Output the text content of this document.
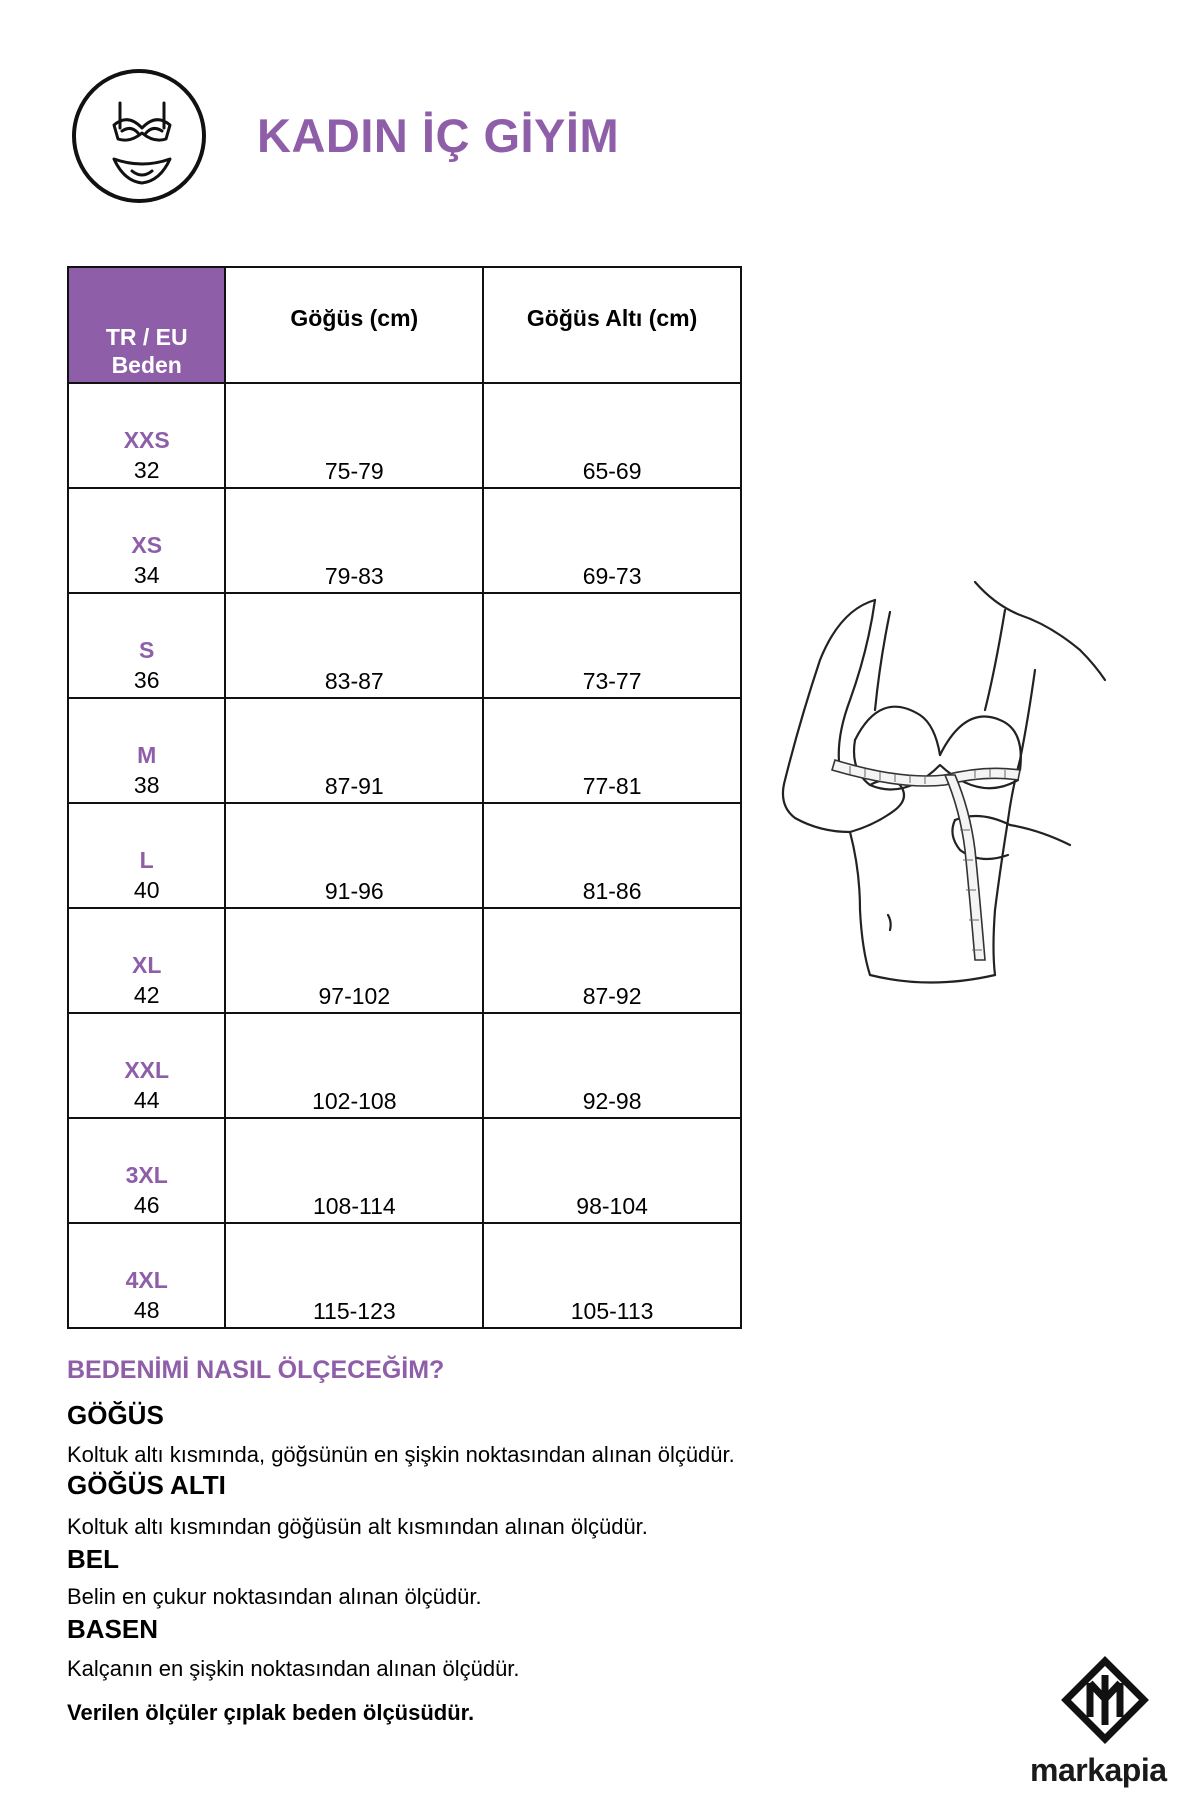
KADIN İÇ GİYİM
TR / EU
Beden	Göğüs (cm)	Göğüs Altı (cm)

XXS
32	75-79	65-69

XS
34	79-83	69-73

S
36	83-87	73-77

M
38	87-91	77-81

L
40	91-96	81-86

XL
42	97-102	87-92

XXL
44	102-108	92-98

3XL
46	108-114	98-104

4XL
48	115-123	105-113
BEDENİMİ NASIL ÖLÇECEĞİM?
GÖĞÜS
Koltuk altı kısmında, göğsünün en şişkin noktasından alınan ölçüdür.
GÖĞÜS ALTI
Koltuk altı kısmından göğüsün alt kısmından alınan ölçüdür.
BEL
Belin en çukur noktasından alınan ölçüdür.
BASEN
Kalçanın en şişkin noktasından alınan ölçüdür.
Verilen ölçüler çıplak beden ölçüsüdür.
markapia
